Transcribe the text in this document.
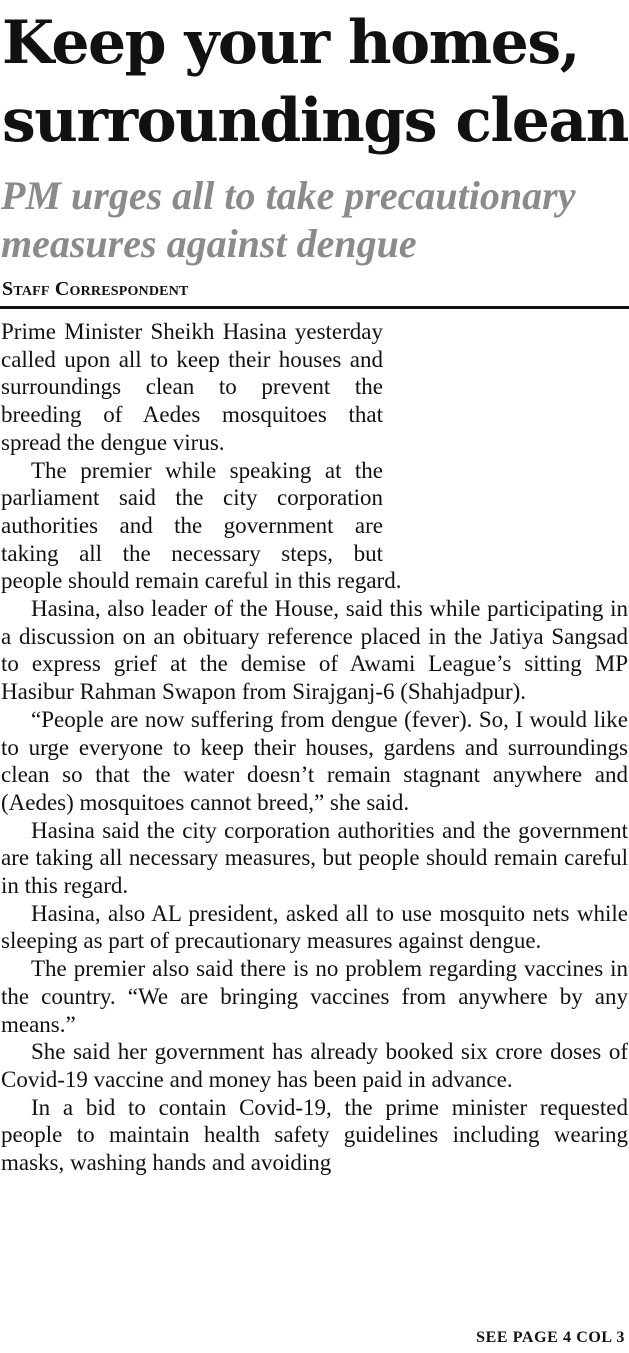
Keep your homes, surroundings clean
PM urges all to take precautionary measures against dengue
Staff Correspondent

Prime Minister Sheikh Hasina yesterday called upon all to keep their houses and surroundings clean to prevent the breeding of Aedes mosquitoes that spread the dengue virus.

The premier while speaking at the parliament said the city corporation authorities and the government are taking all the necessary steps, but
people should remain careful in this regard.

Hasina, also leader of the House, said this while participating in a discussion on an obituary reference placed in the Jatiya Sangsad to express grief at the demise of Awami League’s sitting MP Hasibur Rahman Swapon from Sirajganj-6 (Shahjadpur).

“People are now suffering from dengue (fever). So, I would like to urge everyone to keep their houses, gardens and surroundings clean so that the water doesn’t remain stagnant anywhere and (Aedes) mosquitoes cannot breed,” she said.

Hasina said the city corporation authorities and the government are taking all necessary measures, but people should remain careful in this regard.

Hasina, also AL president, asked all to use mosquito nets while sleeping as part of precautionary measures against dengue.

The premier also said there is no problem regarding vaccines in the country. “We are bringing vaccines from anywhere by any means.”

She said her government has already booked six crore doses of Covid-19 vaccine and money has been paid in advance.

In a bid to contain Covid-19, the prime minister requested people to maintain health safety guidelines including wearing masks, washing hands and avoiding

SEE PAGE 4 COL 3
